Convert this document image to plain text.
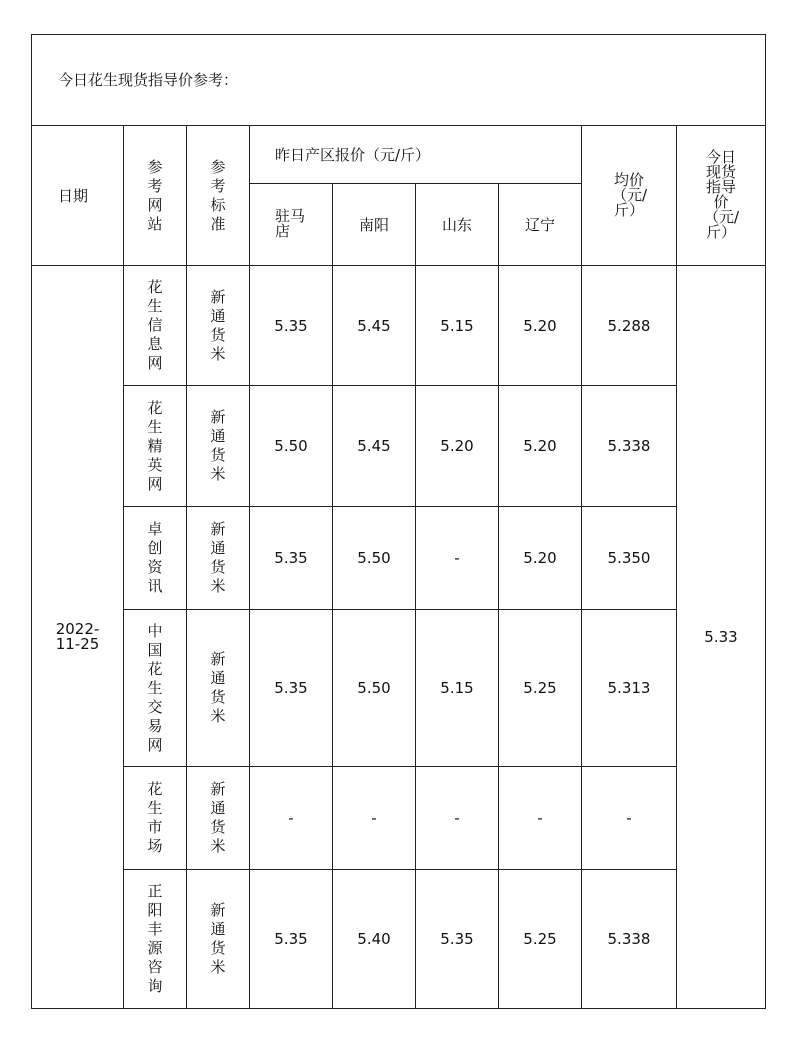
今日花生现货指导价参考：								
日期	参考网站	参考标准	昨日产区报价（元/斤）				均价（元/斤）	今日现货指导价（元/斤）
			驻马店	南阳	山东	辽宁		
2022-11-25	花生信息网	新通货米	5.35	5.45	5.15	5.20	5.288	5.33
	花生精英网	新通货米	5.50	5.45	5.20	5.20	5.338	
	卓创资讯	新通货米	5.35	5.50	-	5.20	5.350	
	中国花生交易网	新通货米	5.35	5.50	5.15	5.25	5.313	
	花生市场	新通货米	-	-	-	-	-	
	正阳丰源咨询	新通货米	5.35	5.40	5.35	5.25	5.338	
